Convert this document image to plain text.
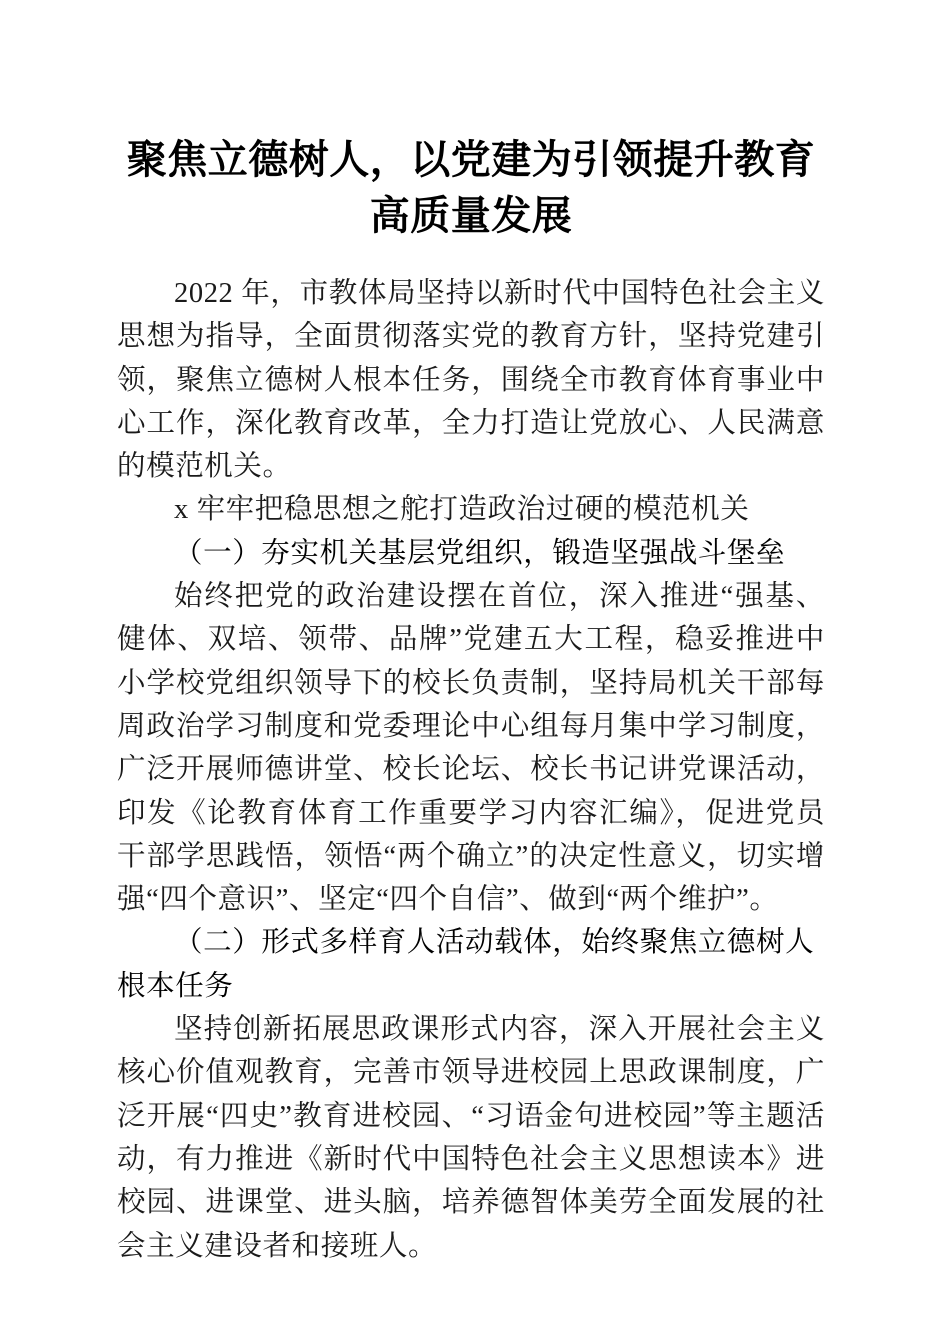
聚焦立德树人，以党建为引领提升教育高质量发展

2022 年，市教体局坚持以新时代中国特色社会主义思想为指导，全面贯彻落实党的教育方针，坚持党建引领，聚焦立德树人根本任务，围绕全市教育体育事业中心工作，深化教育改革，全力打造让党放心、人民满意的模范机关。

x 牢牢把稳思想之舵打造政治过硬的模范机关

（一）夯实机关基层党组织，锻造坚强战斗堡垒

始终把党的政治建设摆在首位，深入推进“强基、健体、双培、领带、品牌”党建五大工程，稳妥推进中小学校党组织领导下的校长负责制，坚持局机关干部每周政治学习制度和党委理论中心组每月集中学习制度，广泛开展师德讲堂、校长论坛、校长书记讲党课活动，印发《论教育体育工作重要学习内容汇编》，促进党员干部学思践悟，领悟“两个确立”的决定性意义，切实增强“四个意识”、坚定“四个自信”、做到“两个维护”。

（二）形式多样育人活动载体，始终聚焦立德树人根本任务

坚持创新拓展思政课形式内容，深入开展社会主义核心价值观教育，完善市领导进校园上思政课制度，广泛开展“四史”教育进校园、“习语金句进校园”等主题活动，有力推进《新时代中国特色社会主义思想读本》进校园、进课堂、进头脑，培养德智体美劳全面发展的社会主义建设者和接班人。
